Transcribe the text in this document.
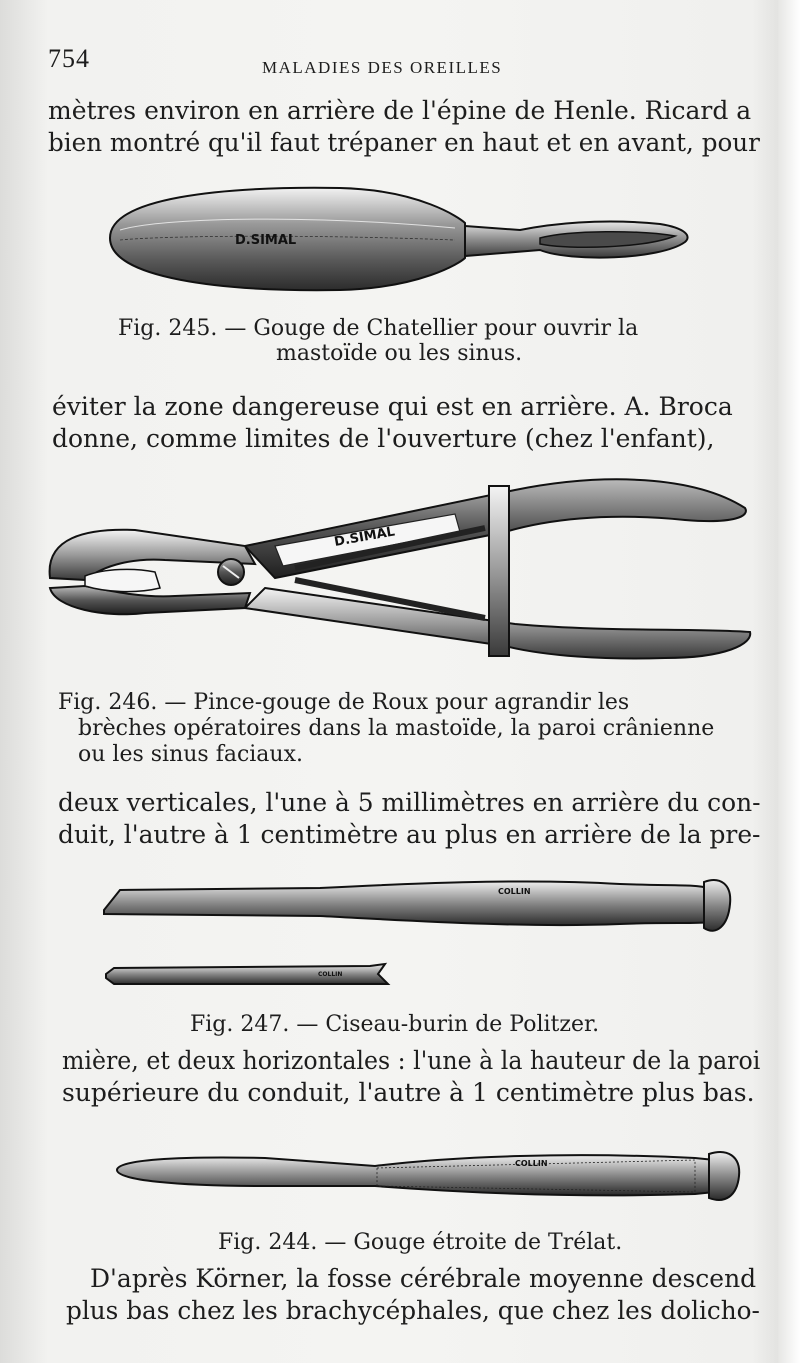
754	MALADIES DES OREILLES
mètres environ en arrière de l'épine de Henle. Ricard a
bien montré qu'il faut trépaner en haut et en avant, pour
D.SIMAL
Fig. 245. — Gouge de Chatellier pour ouvrir la
mastoïde ou les sinus.
éviter la zone dangereuse qui est en arrière. A. Broca
donne, comme limites de l'ouverture (chez l'enfant),
D.SIMAL
Fig. 246. — Pince-gouge de Roux pour agrandir les
brèches opératoires dans la mastoïde, la paroi crânienne
ou les sinus faciaux.
deux verticales, l'une à 5 millimètres en arrière du con-
duit, l'autre à 1 centimètre au plus en arrière de la pre-
COLLIN
COLLIN
Fig. 247. — Ciseau-burin de Politzer.
mière, et deux horizontales : l'une à la hauteur de la paroi
supérieure du conduit, l'autre à 1 centimètre plus bas.
COLLIN
Fig. 244. — Gouge étroite de Trélat.
D'après Körner, la fosse cérébrale moyenne descend
plus bas chez les brachycéphales, que chez les dolicho-
